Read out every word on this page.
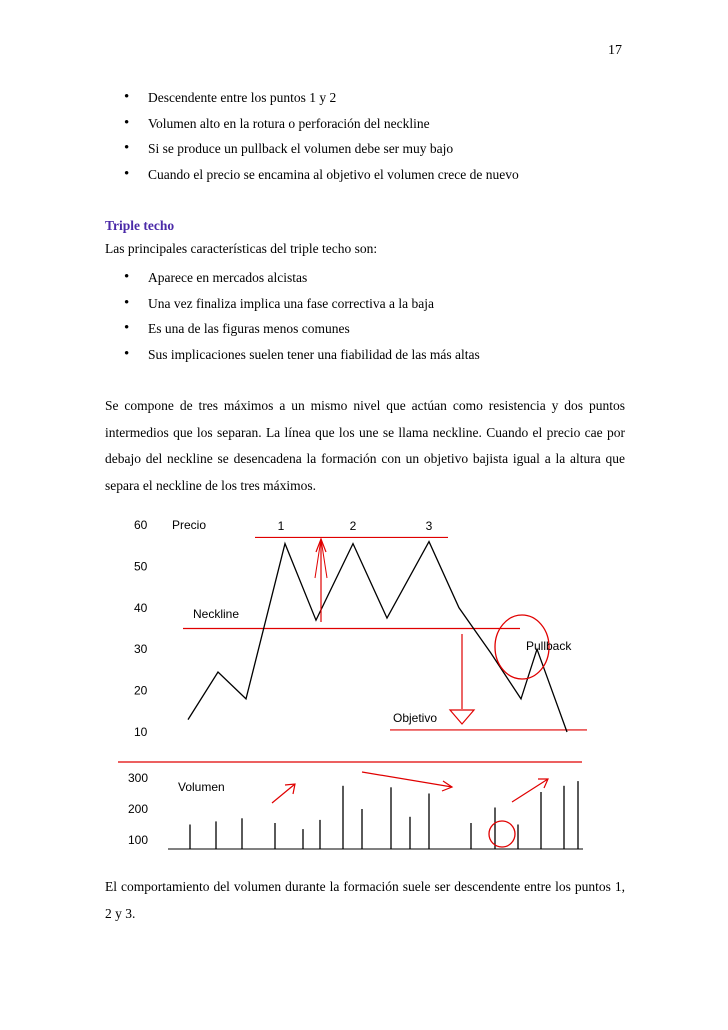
17
• Descendente entre los puntos 1 y 2
• Volumen alto en la rotura o perforación del neckline
• Si se produce un pullback el volumen debe ser muy bajo
• Cuando el precio se encamina al objetivo el volumen crece de nuevo
Triple techo
Las principales características del triple techo son:
• Aparece en mercados alcistas
• Una vez finaliza implica una fase correctiva a la baja
• Es una de las figuras menos comunes
• Sus implicaciones suelen tener una fiabilidad de las más altas

Se compone de tres máximos a un mismo nivel que actúan como resistencia y dos puntos intermedios que los separan. La línea que los une se llama neckline. Cuando el precio cae por debajo del neckline se desencadena la formación con un objetivo bajista igual a la altura que separa el neckline de los tres máximos.

Precio
60
50
40
30
20
10
Neckline
Objetivo
1	2	3
Pullback
Volumen
300
200
100

El comportamiento del volumen durante la formación suele ser descendente entre los puntos 1, 2 y 3.
